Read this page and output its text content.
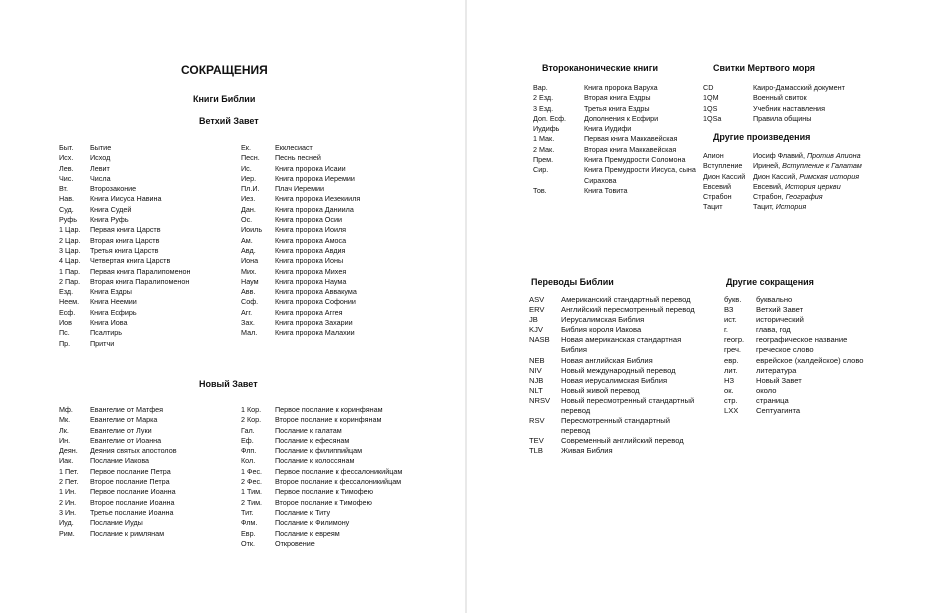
СОКРАЩЕНИЯ
Книги Библии
Ветхий Завет
Быт.	Бытие
Исх.	Исход
Лев.	Левит
Чис.	Числа
Вт.	Второзаконие
Нав.	Книга Иисуса Навина
Суд.	Книга Судей
Руфь	Книга Руфь
1 Цар.	Первая книга Царств
2 Цар.	Вторая книга Царств
3 Цар.	Третья книга Царств
4 Цар.	Четвертая книга Царств
1 Пар.	Первая книга Паралипоменон
2 Пар.	Вторая книга Паралипоменон
Езд.	Книга Ездры
Неем.	Книга Неемии
Есф.	Книга Есфирь
Иов	Книга Иова
Пс.	Псалтирь
Пр.	Притчи
Ек.	Екклесиаст
Песн.	Песнь песней
Ис.	Книга пророка Исаии
Иер.	Книга пророка Иеремии
Пл.И.	Плач Иеремии
Иез.	Книга пророка Иезекииля
Дан.	Книга пророка Даниила
Ос.	Книга пророка Осии
Иоиль	Книга пророка Иоиля
Ам.	Книга пророка Амоса
Авд.	Книга пророка Авдия
Иона	Книга пророка Ионы
Мих.	Книга пророка Михея
Наум	Книга пророка Наума
Авв.	Книга пророка Аввакума
Соф.	Книга пророка Софонии
Агг.	Книга пророка Аггея
Зах.	Книга пророка Захарии
Мал.	Книга пророка Малахии
Новый Завет
Мф.	Евангелие от Матфея
Мк.	Евангелие от Марка
Лк.	Евангелие от Луки
Ин.	Евангелие от Иоанна
Деян.	Деяния святых апостолов
Иак.	Послание Иакова
1 Пет.	Первое послание Петра
2 Пет.	Второе послание Петра
1 Ин.	Первое послание Иоанна
2 Ин.	Второе послание Иоанна
3 Ин.	Третье послание Иоанна
Иуд.	Послание Иуды
Рим.	Послание к римлянам
1 Кор.	Первое послание к коринфянам
2 Кор.	Второе послание к коринфянам
Гал.	Послание к галатам
Еф.	Послание к ефесянам
Флп.	Послание к филиппийцам
Кол.	Послание к колоссянам
1 Фес.	Первое послание к фессалоникийцам
2 Фес.	Второе послание к фессалоникийцам
1 Тим.	Первое послание к Тимофею
2 Тим.	Второе послание к Тимофею
Тит.	Послание к Титу
Флм.	Послание к Филимону
Евр.	Послание к евреям
Отк.	Откровение
Второканонические книги
Вар.	Книга пророка Варуха
2 Езд.	Вторая книга Ездры
3 Езд.	Третья книга Ездры
Доп. Есф.	Дополнения к Есфири
Иудифь	Книга Иудифи
1 Мак.	Первая книга Маккавейская
2 Мак.	Вторая книга Маккавейская
Прем.	Книга Премудрости Соломона
Сир.	Книга Премудрости Иисуса, сына Сирахова
Тов.	Книга Товита
Свитки Мертвого моря
CD	Каиро-Дамасский документ
1QM	Военный свиток
1QS	Учебник наставления
1QSa	Правила общины
Другие произведения
Апион	Иосиф Флавий, Против Апиона
Вступление	Ириней, Вступление к Галатам
Дион Кассий	Дион Кассий, Римская история
Евсевий	Евсевий, История церкви
Страбон	Страбон, География
Тацит	Тацит, История
Переводы Библии
ASV	Американский стандартный перевод
ERV	Английский пересмотренный перевод
JB	Иерусалимская Библия
KJV	Библия короля Иакова
NASB	Новая американская стандартная Библия
NEB	Новая английская Библия
NIV	Новый международный перевод
NJB	Новая иерусалимская Библия
NLT	Новый живой перевод
NRSV	Новый пересмотренный стандартный перевод
RSV	Пересмотренный стандартный перевод
TEV	Современный английский перевод
TLB	Живая Библия
Другие сокращения
букв.	буквально
ВЗ	Ветхий Завет
ист.	исторический
г.	глава, год
геогр.	географическое название
греч.	греческое слово
евр.	еврейское (халдейское) слово
лит.	литература
НЗ	Новый Завет
ок.	около
стр.	страница
LXX	Септуагинта
